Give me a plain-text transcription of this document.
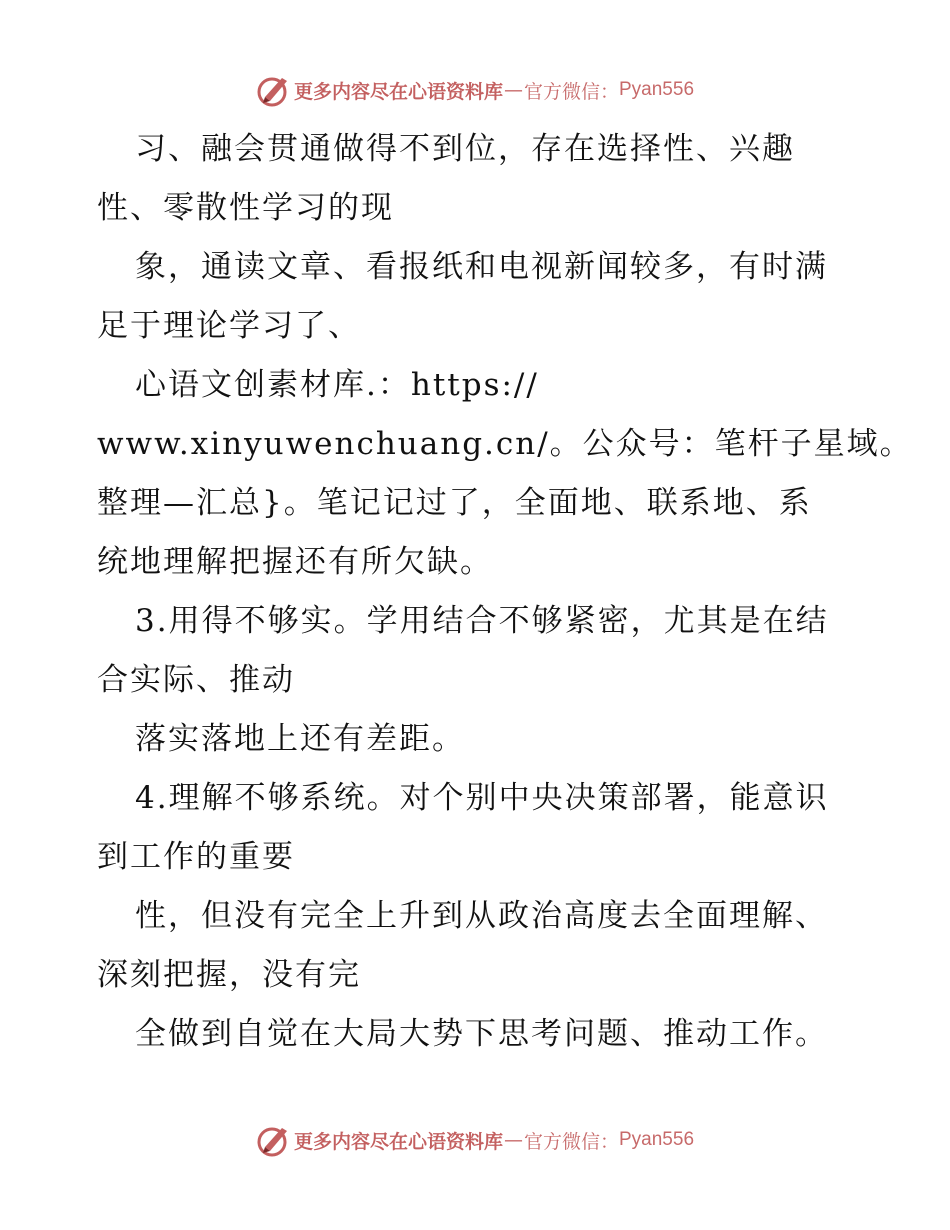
更多内容尽在心语资料库 — 官方微信： Pyan556

习、融会贯通做得不到位，存在选择性、兴趣

性、零散性学习的现

象，通读文章、看报纸和电视新闻较多，有时满

足于理论学习了、

心语文创素材库.：https://

www.xinyuwenchuang.cn/。公众号：笔杆子星域。

整理—汇总}。笔记记过了，全面地、联系地、系

统地理解把握还有所欠缺。

3.用得不够实。学用结合不够紧密，尤其是在结

合实际、推动

落实落地上还有差距。

4.理解不够系统。对个别中央决策部署，能意识

到工作的重要

性，但没有完全上升到从政治高度去全面理解、

深刻把握，没有完

全做到自觉在大局大势下思考问题、推动工作。

更多内容尽在心语资料库 — 官方微信： Pyan556
